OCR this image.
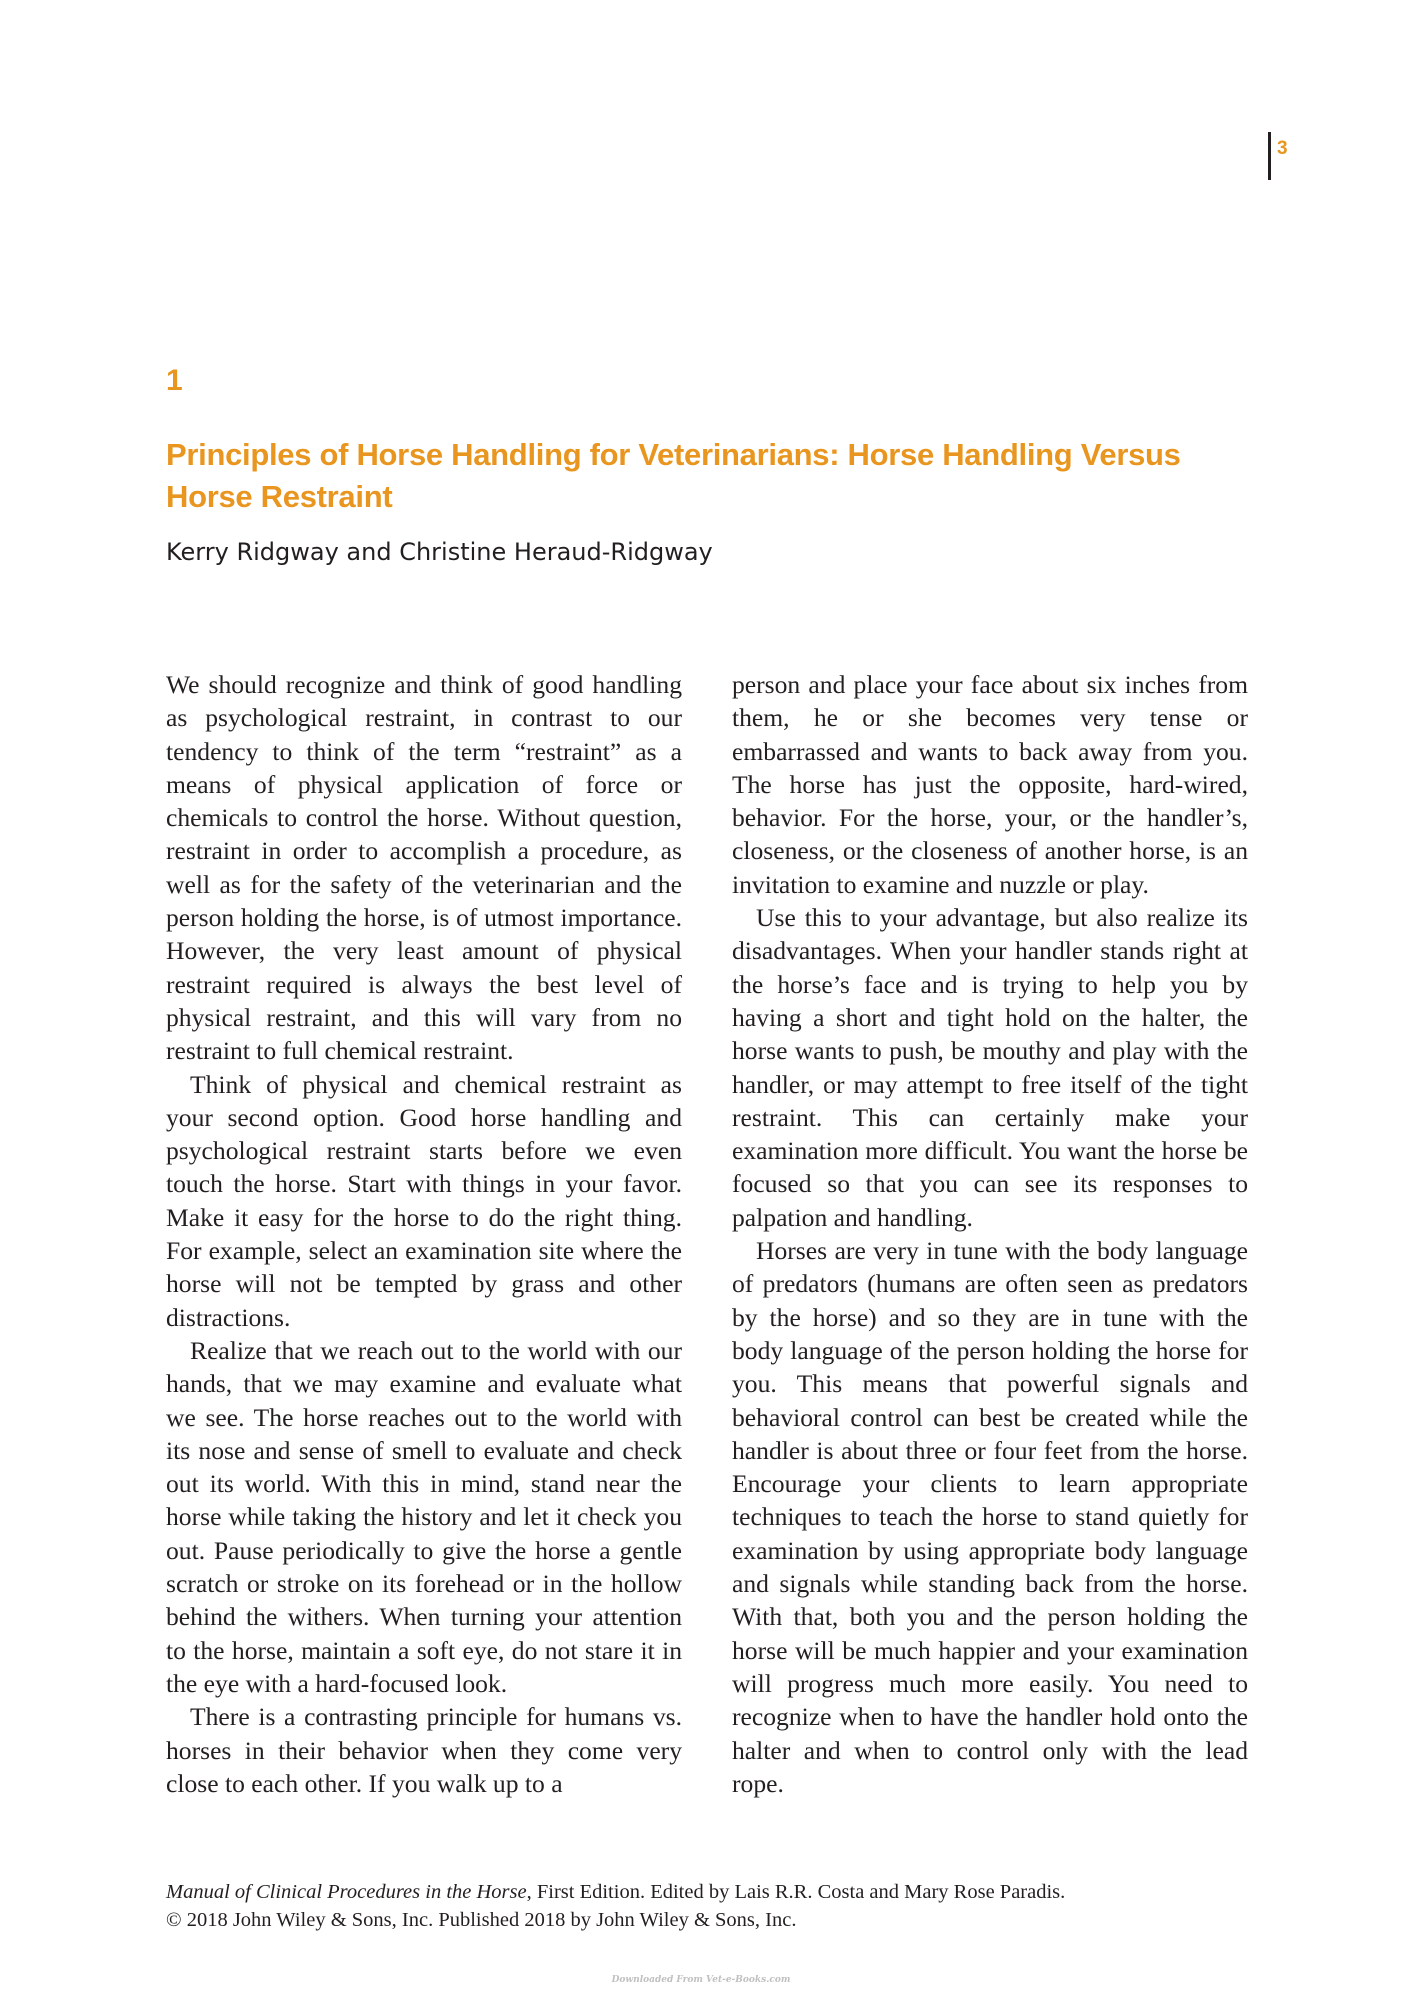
3
1
Principles of Horse Handling for Veterinarians: Horse Handling Versus Horse Restraint
Kerry Ridgway and Christine Heraud-Ridgway

We should recognize and think of good handling as psychological restraint, in contrast to our tendency to think of the term “restraint” as a means of physical application of force or chemicals to control the horse. Without question, restraint in order to accomplish a procedure, as well as for the safety of the veterinarian and the person holding the horse, is of utmost importance. However, the very least amount of physical restraint required is always the best level of physical restraint, and this will vary from no restraint to full chemical restraint.

Think of physical and chemical restraint as your second option. Good horse handling and psychological restraint starts before we even touch the horse. Start with things in your favor. Make it easy for the horse to do the right thing. For example, select an examination site where the horse will not be tempted by grass and other distractions.

Realize that we reach out to the world with our hands, that we may examine and evaluate what we see. The horse reaches out to the world with its nose and sense of smell to evaluate and check out its world. With this in mind, stand near the horse while taking the history and let it check you out. Pause periodically to give the horse a gentle scratch or stroke on its forehead or in the hollow behind the withers. When turning your attention to the horse, maintain a soft eye, do not stare it in the eye with a hard-focused look.

There is a contrasting principle for humans vs. horses in their behavior when they come very close to each other. If you walk up to a

person and place your face about six inches from them, he or she becomes very tense or embarrassed and wants to back away from you. The horse has just the opposite, hard-wired, behavior. For the horse, your, or the handler’s, closeness, or the closeness of another horse, is an invitation to examine and nuzzle or play.

Use this to your advantage, but also realize its disadvantages. When your handler stands right at the horse’s face and is trying to help you by having a short and tight hold on the halter, the horse wants to push, be mouthy and play with the handler, or may attempt to free itself of the tight restraint. This can certainly make your examination more difficult. You want the horse be focused so that you can see its responses to palpation and handling.

Horses are very in tune with the body language of predators (humans are often seen as predators by the horse) and so they are in tune with the body language of the person holding the horse for you. This means that powerful signals and behavioral control can best be created while the handler is about three or four feet from the horse. Encourage your clients to learn appropriate techniques to teach the horse to stand quietly for examination by using appropriate body language and signals while standing back from the horse. With that, both you and the person holding the horse will be much happier and your examination will progress much more easily. You need to recognize when to have the handler hold onto the halter and when to control only with the lead rope.

Manual of Clinical Procedures in the Horse, First Edition. Edited by Lais R.R. Costa and Mary Rose Paradis.
© 2018 John Wiley & Sons, Inc. Published 2018 by John Wiley & Sons, Inc.
Downloaded From Vet-e-Books.com
